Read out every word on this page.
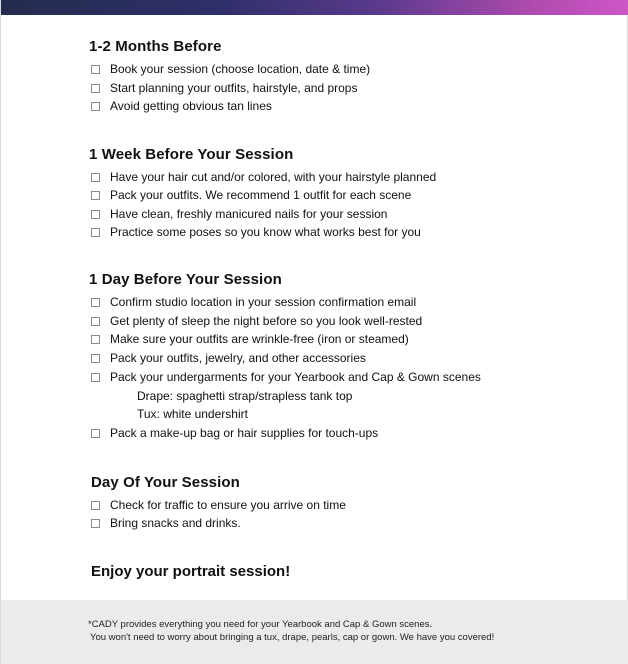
1-2 Months Before
Book your session (choose location, date & time)
Start planning your outfits, hairstyle, and props
Avoid getting obvious tan lines
1 Week Before Your Session
Have your hair cut and/or colored, with your hairstyle planned
Pack your outfits. We recommend 1 outfit for each scene
Have clean, freshly manicured nails for your session
Practice some poses so you know what works best for you
1 Day Before Your Session
Confirm studio location in your session confirmation email
Get plenty of sleep the night before so you look well-rested
Make sure your outfits are wrinkle-free (iron or steamed)
Pack your outfits, jewelry, and other accessories
Pack your undergarments for your Yearbook and Cap & Gown scenes
Drape: spaghetti strap/strapless tank top
Tux: white undershirt
Pack a make-up bag or hair supplies for touch-ups
Day Of Your Session
Check for traffic to ensure you arrive on time
Bring snacks and drinks.
Enjoy your portrait session!
*CADY provides everything you need for your Yearbook and Cap & Gown scenes.
You won't need to worry about bringing a tux, drape, pearls, cap or gown. We have you covered!
